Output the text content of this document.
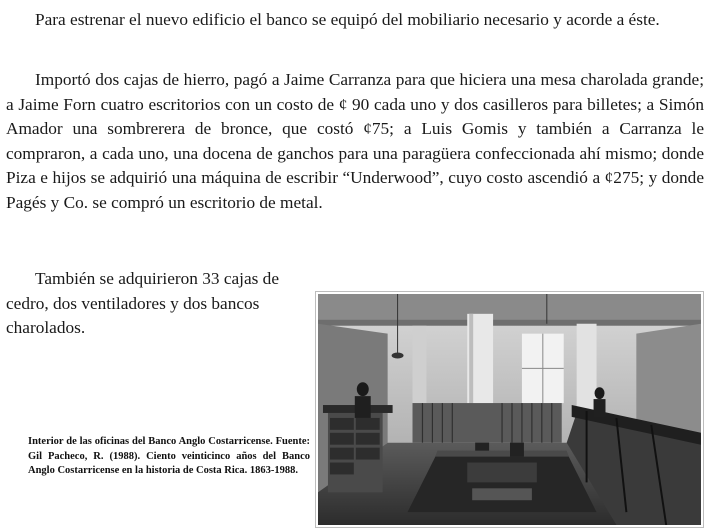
Para estrenar el nuevo edificio el banco se equipó del mobiliario necesario y acorde a éste.

Importó dos cajas de hierro, pagó a Jaime Carranza para que hiciera una mesa charolada grande; a Jaime Forn cuatro escritorios con un costo de ¢ 90 cada uno y dos casilleros para billetes; a Simón Amador una sombrerera de bronce, que costó ¢75; a Luis Gomis y también a Carranza le compraron, a cada uno, una docena de ganchos para una paragüera confeccionada ahí mismo; donde Piza e hijos se adquirió una máquina de escribir “Underwood”, cuyo costo ascendió a ¢275; y donde Pagés y Co. se compró un escritorio de metal.

También se adquirieron 33 cajas de cedro, dos ventiladores y dos bancos charolados.

Interior de las oficinas del Banco Anglo Costarricense. Fuente: Gil Pacheco, R. (1988). Ciento veinticinco años del Banco Anglo Costarricense en la historia de Costa Rica. 1863-1988.
